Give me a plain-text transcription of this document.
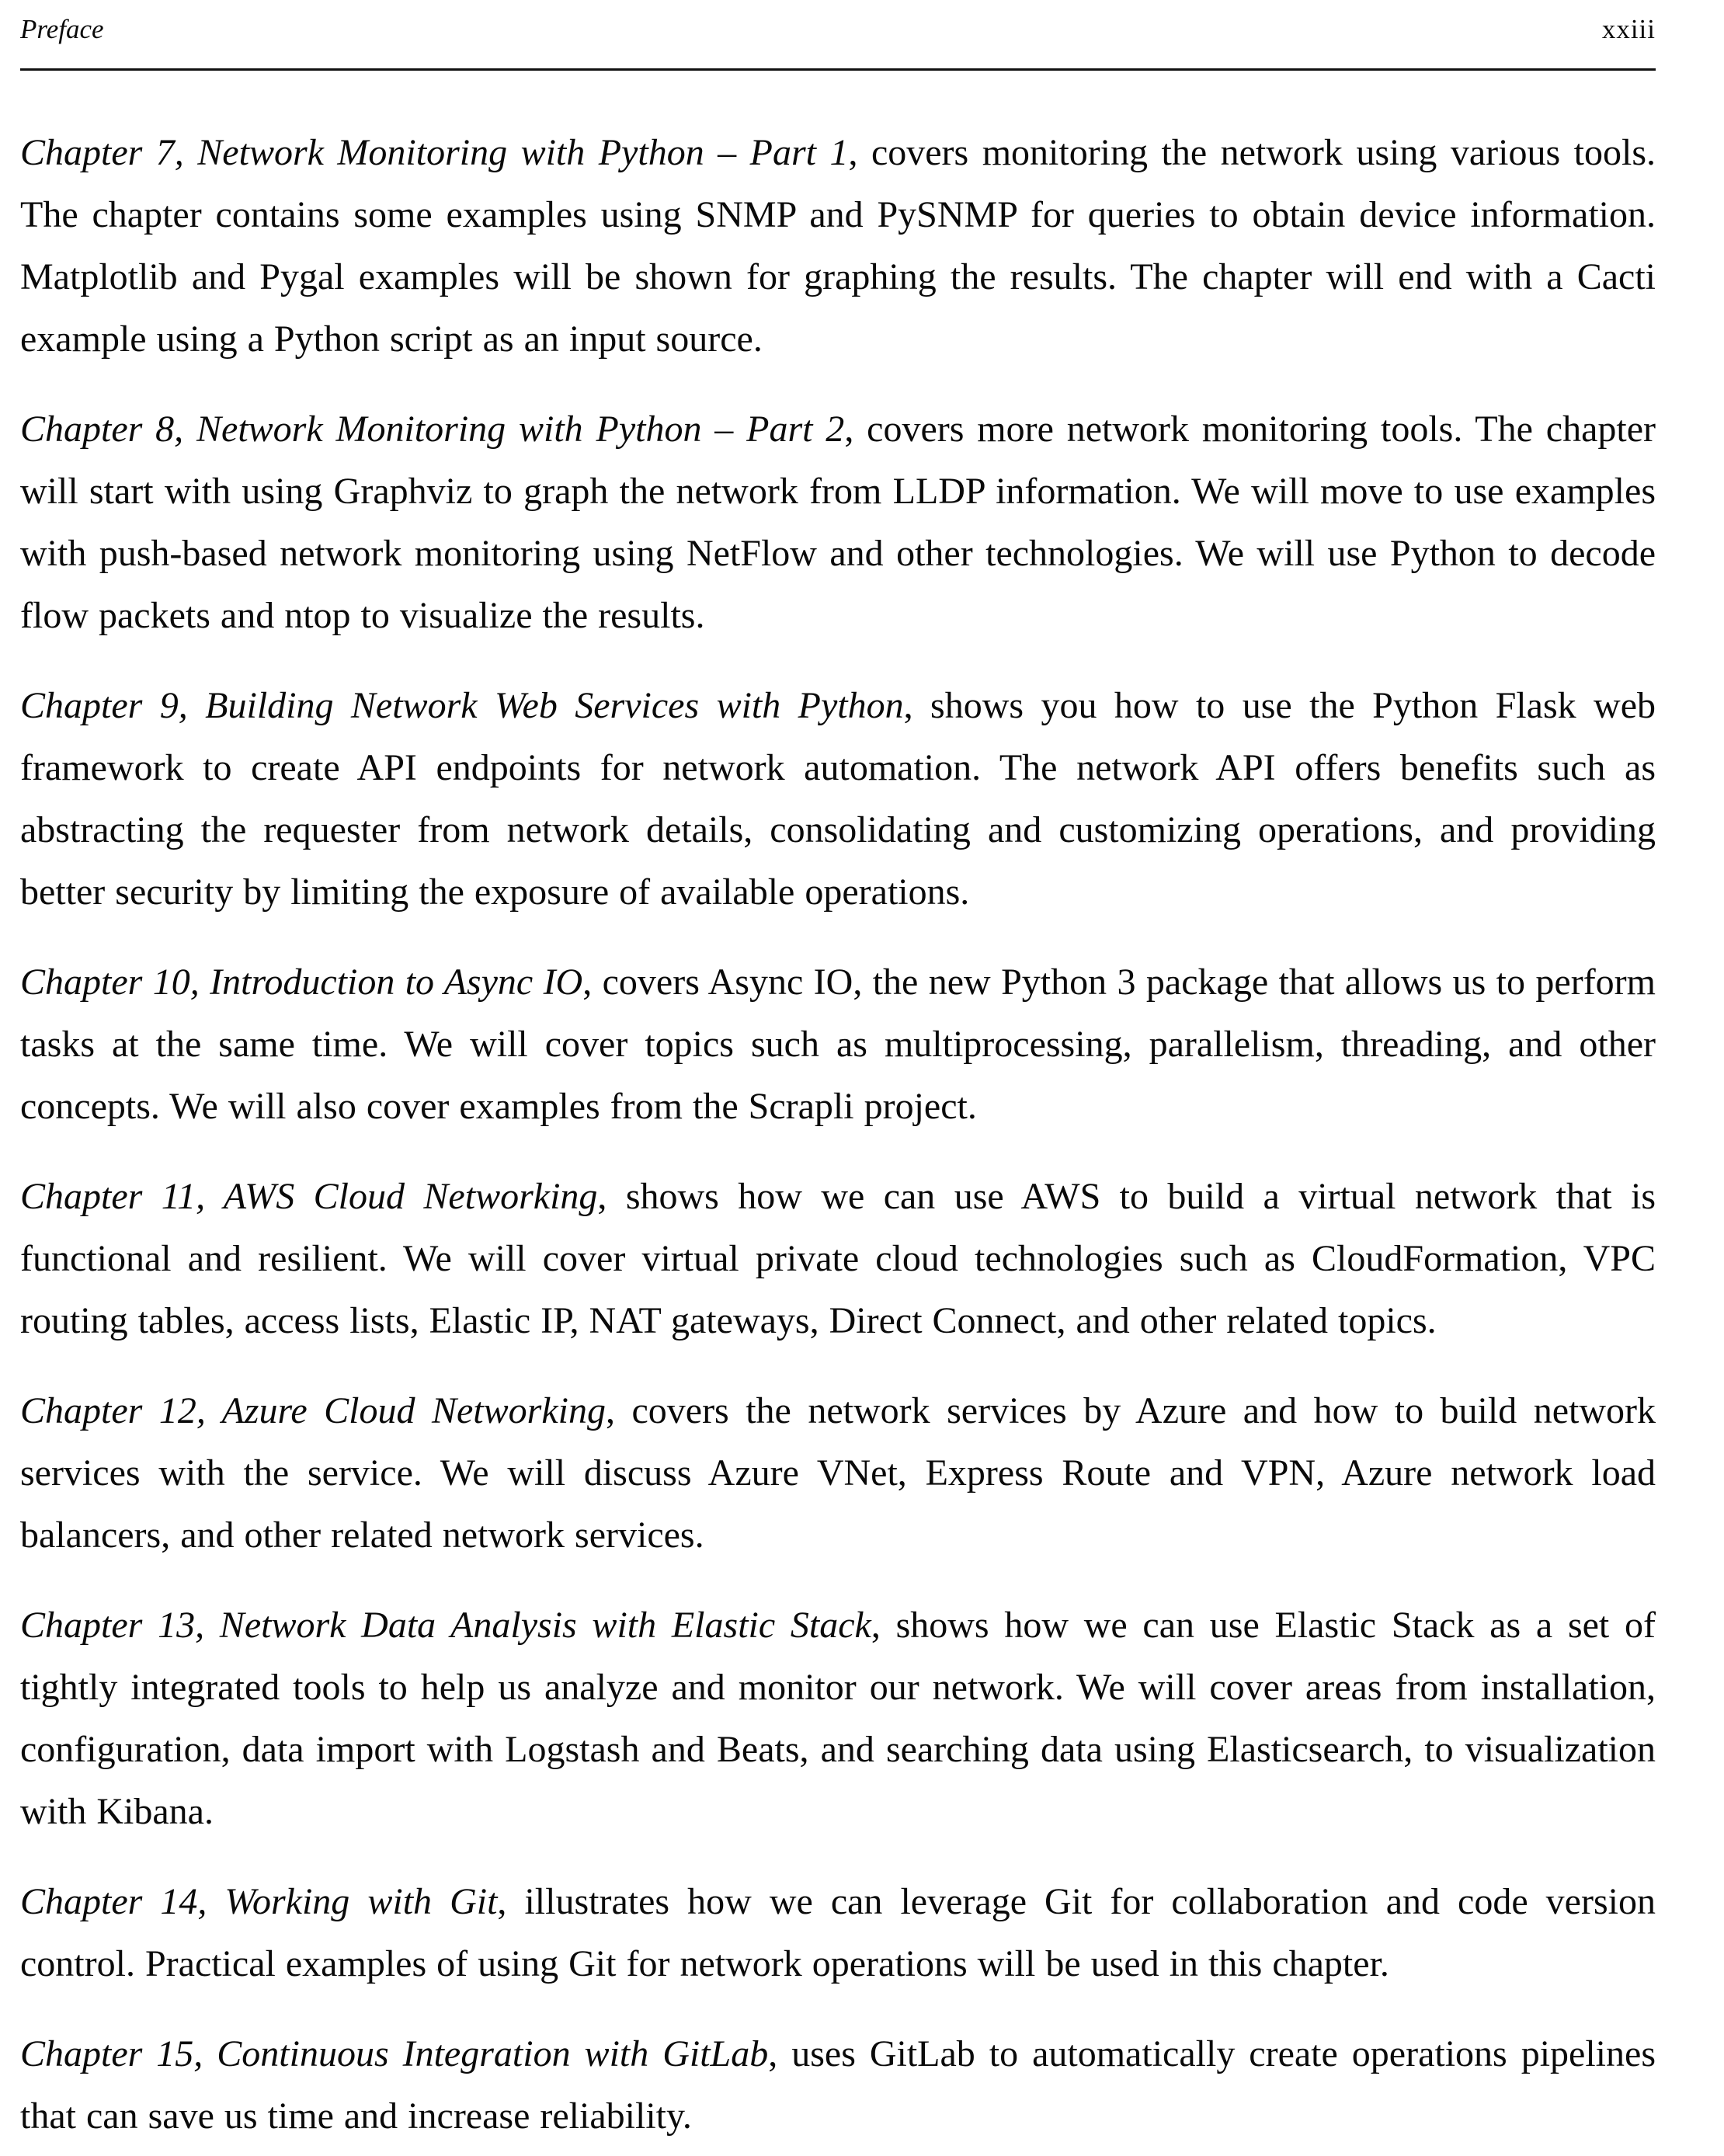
Preface	xxiii

Chapter 7, Network Monitoring with Python – Part 1, covers monitoring the network using various tools. The chapter contains some examples using SNMP and PySNMP for queries to obtain device information. Matplotlib and Pygal examples will be shown for graphing the results. The chapter will end with a Cacti example using a Python script as an input source.

Chapter 8, Network Monitoring with Python – Part 2, covers more network monitoring tools. The chapter will start with using Graphviz to graph the network from LLDP information. We will move to use examples with push-based network monitoring using NetFlow and other technologies. We will use Python to decode flow packets and ntop to visualize the results.

Chapter 9, Building Network Web Services with Python, shows you how to use the Python Flask web framework to create API endpoints for network automation. The network API offers benefits such as abstracting the requester from network details, consolidating and customizing operations, and providing better security by limiting the exposure of available operations.

Chapter 10, Introduction to Async IO, covers Async IO, the new Python 3 package that allows us to perform tasks at the same time. We will cover topics such as multiprocessing, parallelism, threading, and other concepts. We will also cover examples from the Scrapli project.

Chapter 11, AWS Cloud Networking, shows how we can use AWS to build a virtual network that is functional and resilient. We will cover virtual private cloud technologies such as CloudFormation, VPC routing tables, access lists, Elastic IP, NAT gateways, Direct Connect, and other related topics.

Chapter 12, Azure Cloud Networking, covers the network services by Azure and how to build network services with the service. We will discuss Azure VNet, Express Route and VPN, Azure network load balancers, and other related network services.

Chapter 13, Network Data Analysis with Elastic Stack, shows how we can use Elastic Stack as a set of tightly integrated tools to help us analyze and monitor our network. We will cover areas from installation, configuration, data import with Logstash and Beats, and searching data using Elasticsearch, to visualization with Kibana.

Chapter 14, Working with Git, illustrates how we can leverage Git for collaboration and code version control. Practical examples of using Git for network operations will be used in this chapter.

Chapter 15, Continuous Integration with GitLab, uses GitLab to automatically create operations pipelines that can save us time and increase reliability.
